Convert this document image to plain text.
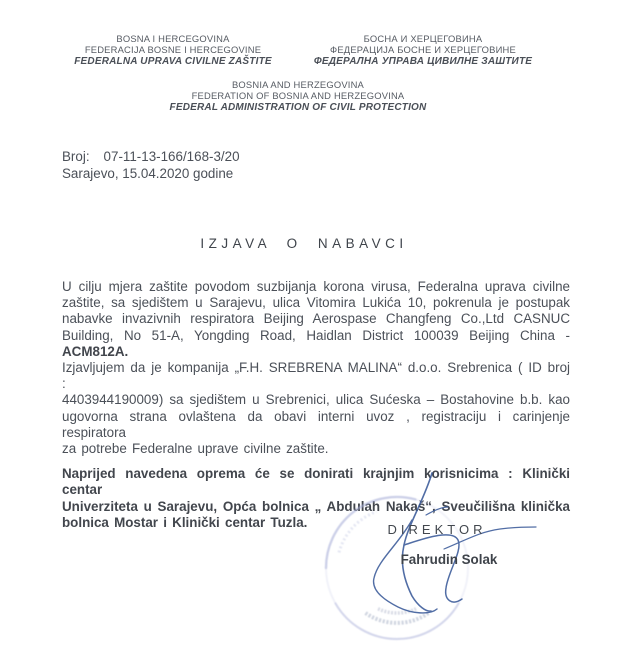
BOSNA I HERCEGOVINA
FEDERACIJA BOSNE I HERCEGOVINE
FEDERALNA UPRAVA CIVILNE ZAŠTITE
БОСНА И ХЕРЦЕГОВИНА
ФЕДЕРАЦИЈА БОСНЕ И ХЕРЦЕГОВИНЕ
ФЕДЕРАЛНА УПРАВА ЦИВИЛНЕ ЗАШТИТЕ
BOSNIA AND HERZEGOVINA
FEDERATION OF BOSNIA AND HERZEGOVINA
FEDERAL ADMINISTRATION OF CIVIL PROTECTION
Broj: 07-11-13-166/168-3/20
Sarajevo, 15.04.2020 godine
IZJAVA O NABAVCI
U cilju mjera zaštite povodom suzbijanja korona virusa, Federalna uprava civilne
zaštite, sa sjedištem u Sarajevu, ulica Vitomira Lukića 10, pokrenula je postupak
nabavke invazivnih respiratora Beijing Aerospase Changfeng Co.,Ltd CASNUC
Building, No 51-A, Yongding Road, Haidlan District 100039 Beijing China -
ACM812A.
Izjavljujem da je kompanija „F.H. SREBRENA MALINA“ d.o.o. Srebrenica ( ID broj :
4403944190009) sa sjedištem u Srebrenici, ulica Sućeska – Bostahovine b.b. kao
ugovorna strana ovlaštena da obavi interni uvoz , registraciju i carinjenje respiratora
za potrebe Federalne uprave civilne zaštite.
Naprijed navedena oprema će se donirati krajnjim korisnicima : Klinički centar
Univerziteta u Sarajevu, Opća bolnica „ Abdulah Nakaš“, Sveučilišna klinička
bolnica Mostar i Klinički centar Tuzla.	DIREKTOR
Fahrudin Solak
